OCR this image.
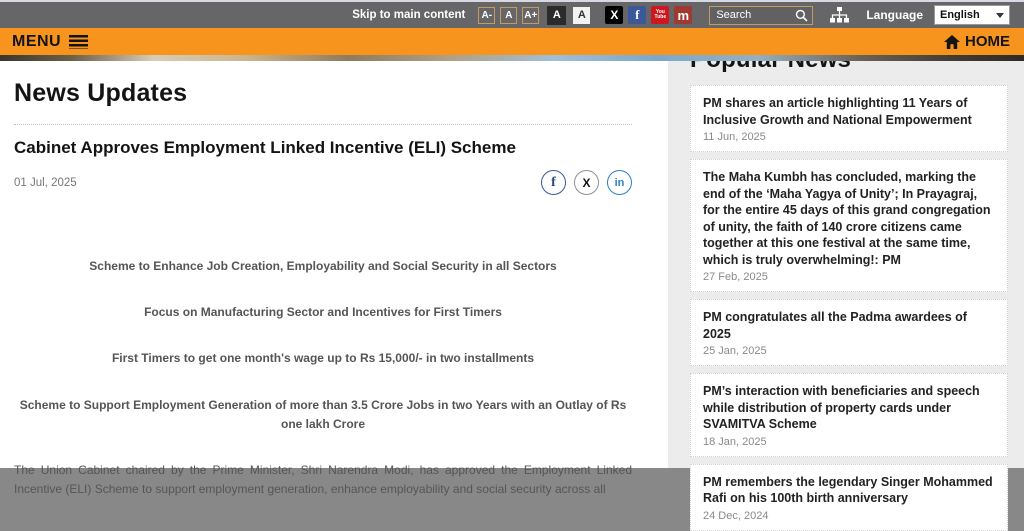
Skip to main content	A-	A	A+	A	A	X	f	You
Tube m
Search	Language English
MENU	HOME
News Updates
Cabinet Approves Employment Linked Incentive (ELI) Scheme
01 Jul, 2025	f	X	in

Scheme to Enhance Job Creation, Employability and Social Security in all Sectors

Focus on Manufacturing Sector and Incentives for First Timers

First Timers to get one month's wage up to Rs 15,000/- in two installments

Scheme to Support Employment Generation of more than 3.5 Crore Jobs in two Years with an Outlay of Rs one lakh Crore

The Union Cabinet chaired by the Prime Minister, Shri Narendra Modi, has approved the Employment Linked Incentive (ELI) Scheme to support employment generation, enhance employability and social security across all

PM shares an article highlighting 11 Years of Inclusive Growth and National Empowerment
11 Jun, 2025
The Maha Kumbh has concluded, marking the end of the ‘Maha Yagya of Unity’; In Prayagraj, for the entire 45 days of this grand congregation of unity, the faith of 140 crore citizens came together at this one festival at the same time, which is truly overwhelming!: PM
27 Feb, 2025
PM congratulates all the Padma awardees of 2025
25 Jan, 2025
PM’s interaction with beneficiaries and speech while distribution of property cards under SVAMITVA Scheme
18 Jan, 2025
PM remembers the legendary Singer Mohammed Rafi on his 100th birth anniversary
24 Dec, 2024
